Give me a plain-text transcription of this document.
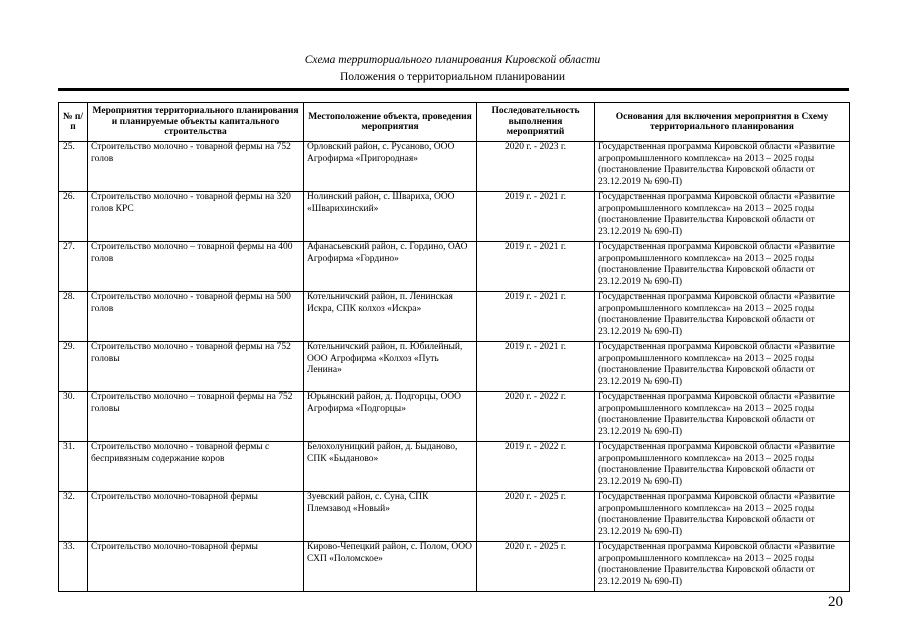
Схема территориального планирования Кировской области
Положения о территориальном планировании
№ п/п	Мероприятия территориального планирования и планируемые объекты капитального строительства	Местоположение объекта, проведения мероприятия	Последовательность выполнения мероприятий	Основания для включения мероприятия в Схему территориального планирования
25.	Строительство молочно - товарной фермы на 752 голов	Орловский район, с. Русаново, ООО Агрофирма «Пригородная»	2020 г. - 2023 г.	Государственная программа Кировской области «Развитие агропромышленного комплекса» на 2013 – 2025 годы (постановление Правительства Кировской области от 23.12.2019 № 690-П)
26.	Строительство молочно - товарной фермы на 320 голов КРС	Нолинский район, с. Швариха, ООО «Шварихинский»	2019 г. - 2021 г.	Государственная программа Кировской области «Развитие агропромышленного комплекса» на 2013 – 2025 годы (постановление Правительства Кировской области от 23.12.2019 № 690-П)
27.	Строительство молочно – товарной фермы на 400 голов	Афанасьевский район, с. Гордино, ОАО Агрофирма «Гордино»	2019 г. - 2021 г.	Государственная программа Кировской области «Развитие агропромышленного комплекса» на 2013 – 2025 годы (постановление Правительства Кировской области от 23.12.2019 № 690-П)
28.	Строительство молочно - товарной фермы на 500 голов	Котельничский район, п. Ленинская Искра, СПК колхоз «Искра»	2019 г. - 2021 г.	Государственная программа Кировской области «Развитие агропромышленного комплекса» на 2013 – 2025 годы (постановление Правительства Кировской области от 23.12.2019 № 690-П)
29.	Строительство молочно - товарной фермы на 752 головы	Котельничский район, п. Юбилейный, ООО Агрофирма «Колхоз «Путь Ленина»	2019 г. - 2021 г.	Государственная программа Кировской области «Развитие агропромышленного комплекса» на 2013 – 2025 годы (постановление Правительства Кировской области от 23.12.2019 № 690-П)
30.	Строительство молочно – товарной фермы на 752 головы	Юрьянский район, д. Подгорцы, ООО Агрофирма «Подгорцы»	2020 г. - 2022 г.	Государственная программа Кировской области «Развитие агропромышленного комплекса» на 2013 – 2025 годы (постановление Правительства Кировской области от 23.12.2019 № 690-П)
31.	Строительство молочно - товарной фермы с беспривязным содержание коров	Белохолуницкий район, д. Быданово, СПК «Быданово»	2019 г. - 2022 г.	Государственная программа Кировской области «Развитие агропромышленного комплекса» на 2013 – 2025 годы (постановление Правительства Кировской области от 23.12.2019 № 690-П)
32.	Строительство молочно-товарной фермы	Зуевский район, с. Суна, СПК Племзавод «Новый»	2020 г. - 2025 г.	Государственная программа Кировской области «Развитие агропромышленного комплекса» на 2013 – 2025 годы (постановление Правительства Кировской области от 23.12.2019 № 690-П)
33.	Строительство молочно-товарной фермы	Кирово-Чепецкий район, с. Полом, ООО СХП «Поломское»	2020 г. - 2025 г.	Государственная программа Кировской области «Развитие агропромышленного комплекса» на 2013 – 2025 годы (постановление Правительства Кировской области от 23.12.2019 № 690-П)
20
